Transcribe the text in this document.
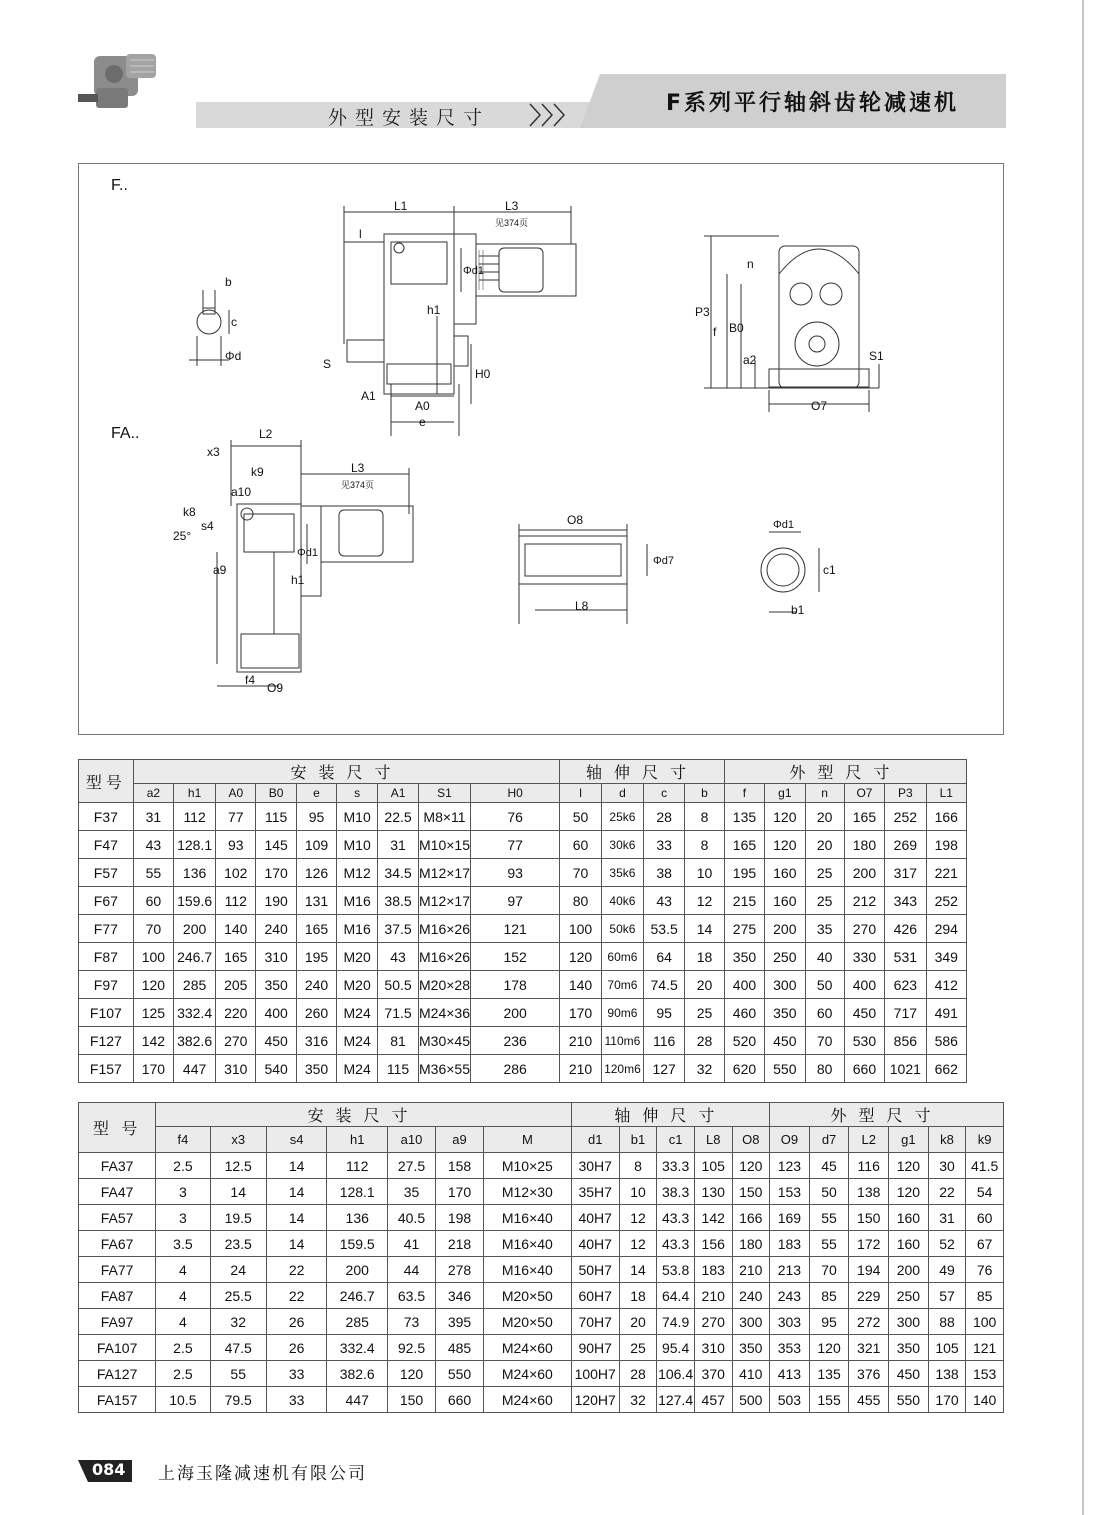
外型安装尺寸
F系列平行轴斜齿轮减速机
F..
FA..
L1	L3
见374页
l
Φd1
h1
S
A1
A0
e
H0
b
c
Φd
P3
f B0
a2
n
S1
O7
L2
x3
k9	L3
见374页
a10
k8
s4
25°
a9
f4
O9
h1
Φd1
O8
Φd7
L8
Φd1
c1
b1
型号	安装尺寸									轴伸尺寸				外型尺寸					
	a2	h1	A0	B0	e	s	A1	S1	H0	l	d	c	b	f	g1	n	O7	P3	L1
F37	31	112	77	115	95	M10	22.5	M8×11	76	50	25k6	28	8	135	120	20	165	252	166
F47	43	128.1	93	145	109	M10	31	M10×15	77	60	30k6	33	8	165	120	20	180	269	198
F57	55	136	102	170	126	M12	34.5	M12×17	93	70	35k6	38	10	195	160	25	200	317	221
F67	60	159.6	112	190	131	M16	38.5	M12×17	97	80	40k6	43	12	215	160	25	212	343	252
F77	70	200	140	240	165	M16	37.5	M16×26	121	100	50k6	53.5	14	275	200	35	270	426	294
F87	100	246.7	165	310	195	M20	43	M16×26	152	120	60m6	64	18	350	250	40	330	531	349
F97	120	285	205	350	240	M20	50.5	M20×28	178	140	70m6	74.5	20	400	300	50	400	623	412
F107	125	332.4	220	400	260	M24	71.5	M24×36	200	170	90m6	95	25	460	350	60	450	717	491
F127	142	382.6	270	450	316	M24	81	M30×45	236	210	110m6	116	28	520	450	70	530	856	586
F157	170	447	310	540	350	M24	115	M36×55	286	210	120m6	127	32	620	550	80	660	1021	662
型 号	安装尺寸							轴伸尺寸					外型尺寸					
	f4	x3	s4	h1	a10	a9	M	d1	b1	c1	L8	O8	O9	d7	L2	g1	k8	k9
FA37	2.5	12.5	14	112	27.5	158	M10×25	30H7	8	33.3	105	120	123	45	116	120	30	41.5
FA47	3	14	14	128.1	35	170	M12×30	35H7	10	38.3	130	150	153	50	138	120	22	54
FA57	3	19.5	14	136	40.5	198	M16×40	40H7	12	43.3	142	166	169	55	150	160	31	60
FA67	3.5	23.5	14	159.5	41	218	M16×40	40H7	12	43.3	156	180	183	55	172	160	52	67
FA77	4	24	22	200	44	278	M16×40	50H7	14	53.8	183	210	213	70	194	200	49	76
FA87	4	25.5	22	246.7	63.5	346	M20×50	60H7	18	64.4	210	240	243	85	229	250	57	85
FA97	4	32	26	285	73	395	M20×50	70H7	20	74.9	270	300	303	95	272	300	88	100
FA107	2.5	47.5	26	332.4	92.5	485	M24×60	90H7	25	95.4	310	350	353	120	321	350	105	121
FA127	2.5	55	33	382.6	120	550	M24×60	100H7	28	106.4	370	410	413	135	376	450	138	153
FA157	10.5	79.5	33	447	150	660	M24×60	120H7	32	127.4	457	500	503	155	455	550	170	140
084 上海玉隆减速机有限公司
